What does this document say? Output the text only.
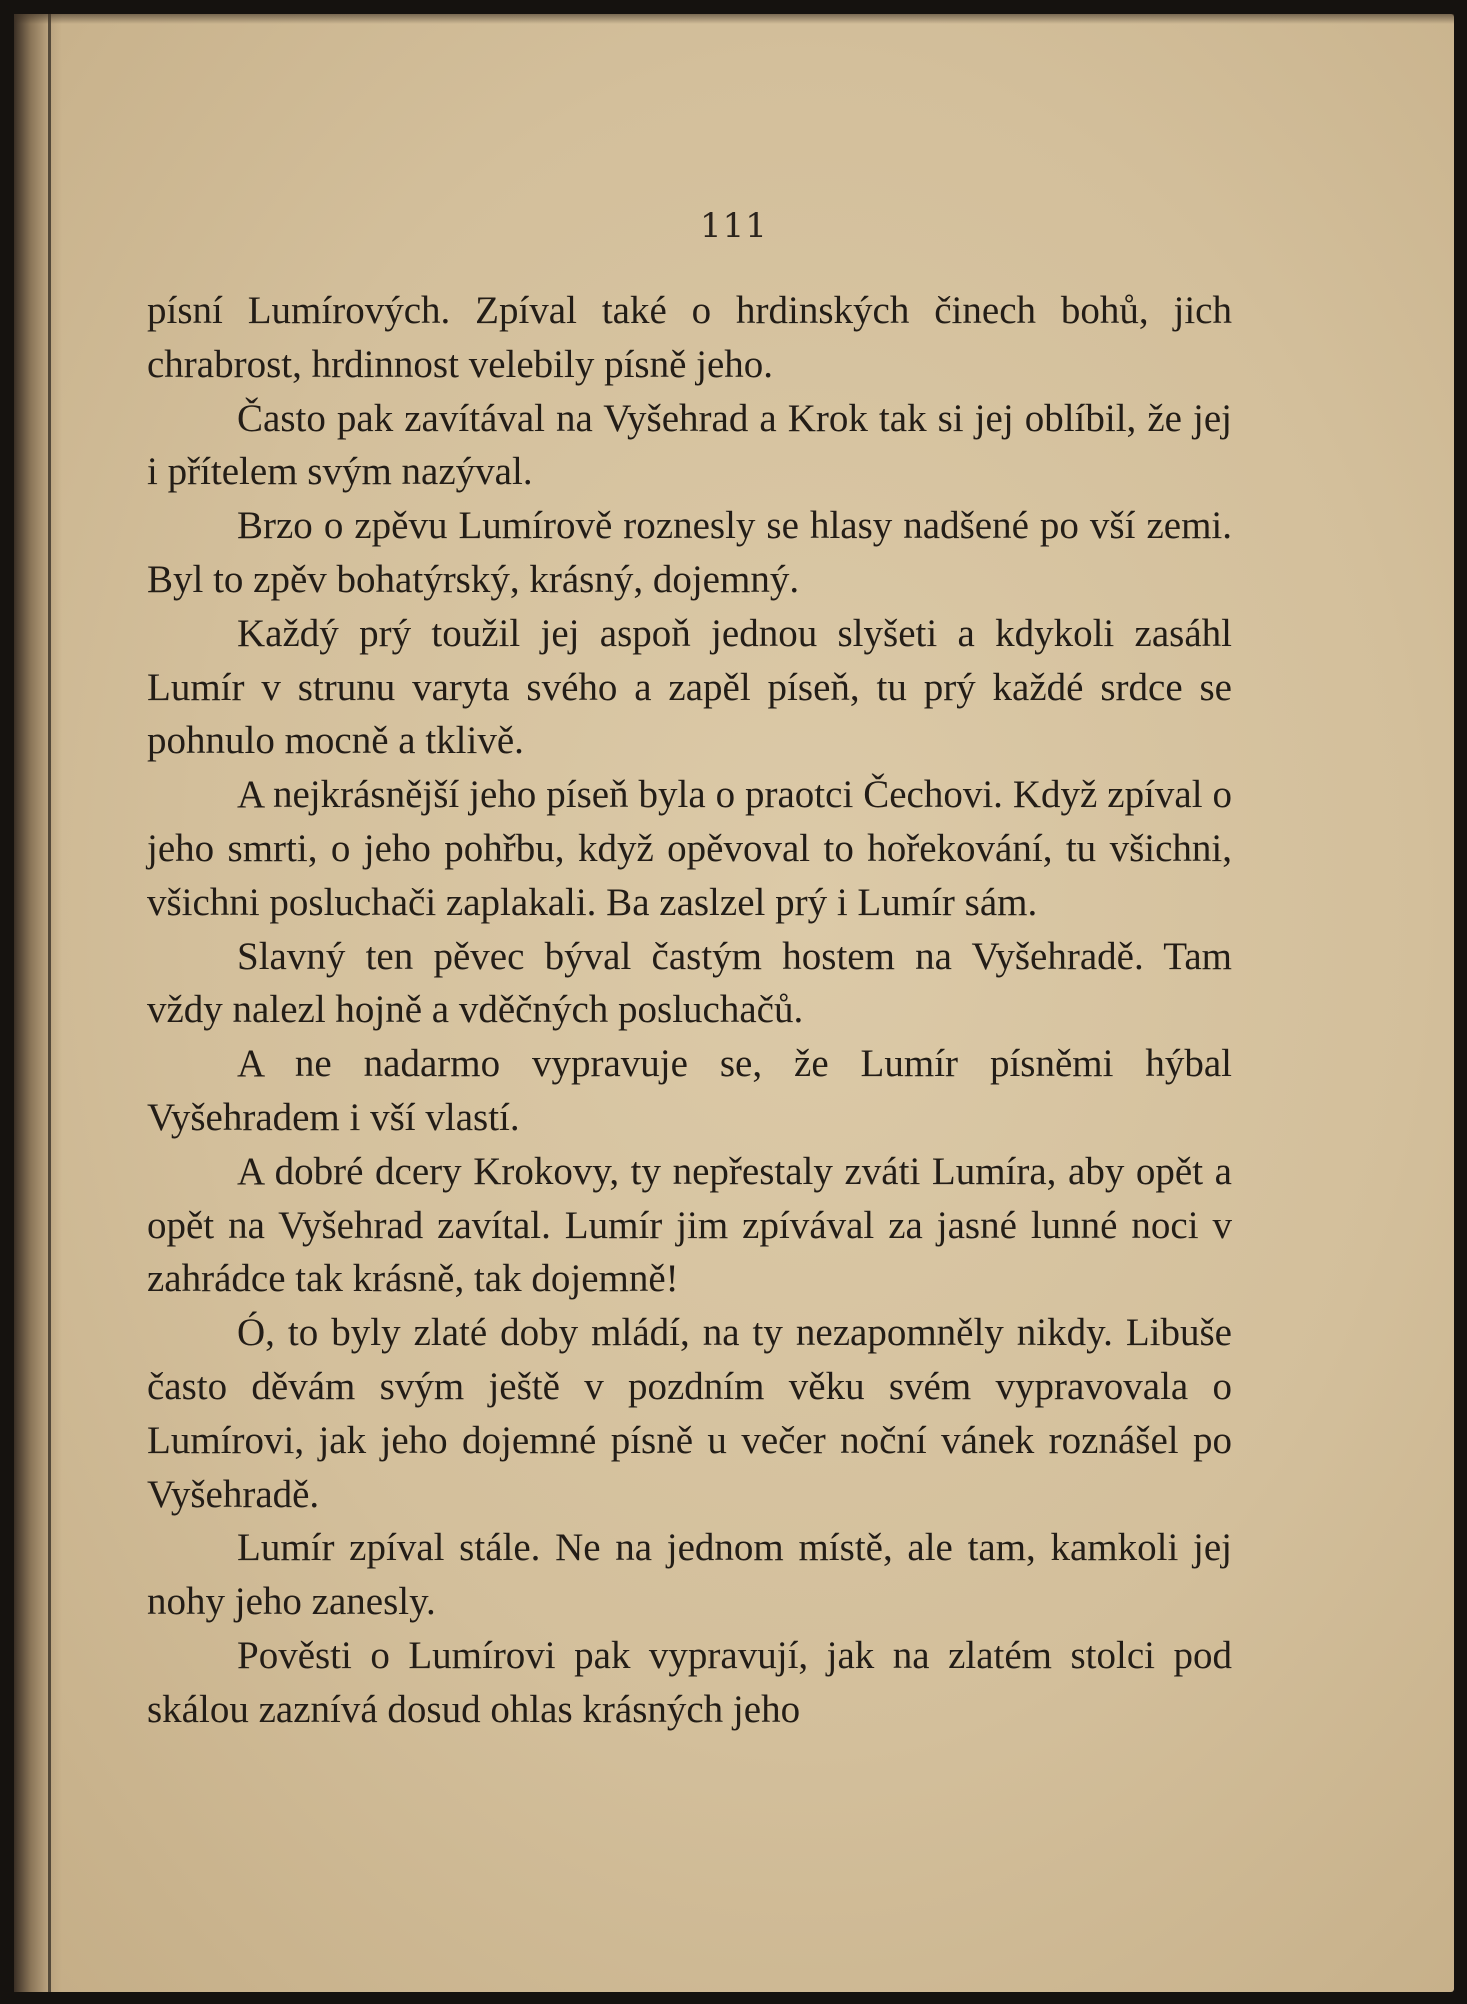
111

písní Lumírových. Zpíval také o hrdinských činech bohů, jich chrabrost, hrdinnost velebily písně jeho.

Často pak zavítával na Vyšehrad a Krok tak si jej oblíbil, že jej i přítelem svým nazýval.

Brzo o zpěvu Lumírově roznesly se hlasy nadšené po vší zemi. Byl to zpěv bohatýrský, krásný, dojemný.

Každý prý toužil jej aspoň jednou slyšeti a kdykoli zasáhl Lumír v strunu varyta svého a zapěl píseň, tu prý každé srdce se pohnulo mocně a tklivě.

A nejkrásnější jeho píseň byla o praotci Čechovi. Když zpíval o jeho smrti, o jeho pohřbu, když opěvoval to hořekování, tu všichni, všichni posluchači zaplakali. Ba zaslzel prý i Lumír sám.

Slavný ten pěvec býval častým hostem na Vyšehradě. Tam vždy nalezl hojně a vděčných posluchačů.

A ne nadarmo vypravuje se, že Lumír písněmi hýbal Vyšehradem i vší vlastí.

A dobré dcery Krokovy, ty nepřestaly zváti Lumíra, aby opět a opět na Vyšehrad zavítal. Lumír jim zpívával za jasné lunné noci v zahrádce tak krásně, tak dojemně!

Ó, to byly zlaté doby mládí, na ty nezapomněly nikdy. Libuše často děvám svým ještě v pozdním věku svém vypravovala o Lumírovi, jak jeho dojemné písně u večer noční vánek roznášel po Vyšehradě.

Lumír zpíval stále. Ne na jednom místě, ale tam, kamkoli jej nohy jeho zanesly.

Pověsti o Lumírovi pak vypravují, jak na zlatém stolci pod skálou zaznívá dosud ohlas krásných jeho
